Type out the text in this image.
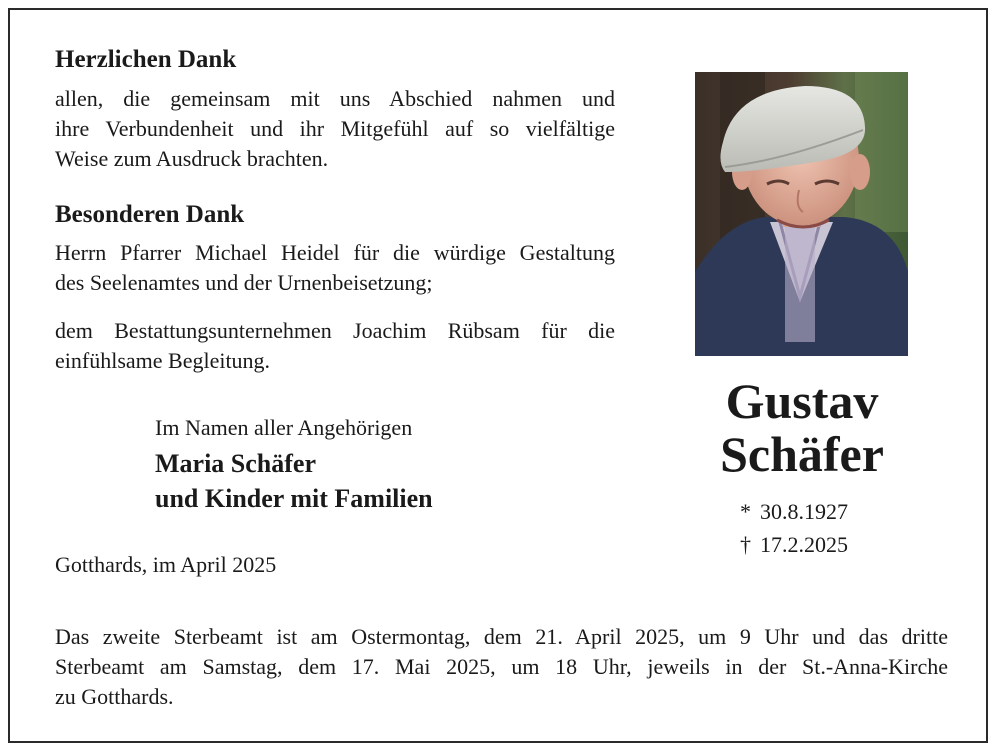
Herzlichen Dank
allen, die gemeinsam mit uns Abschied nahmen und
ihre Verbundenheit und ihr Mitgefühl auf so vielfältige
Weise zum Ausdruck brachten.
Besonderen Dank
Herrn Pfarrer Michael Heidel für die würdige Gestaltung
des Seelenamtes und der Urnenbeisetzung;
dem Bestattungsunternehmen Joachim Rübsam für die
einfühlsame Begleitung.
Im Namen aller Angehörigen
Maria Schäfer
und Kinder mit Familien
Gotthards, im April 2025
Das zweite Sterbeamt ist am Ostermontag, dem 21. April 2025, um 9 Uhr und das dritte
Sterbeamt am Samstag, dem 17. Mai 2025, um 18 Uhr, jeweils in der St.-Anna-Kirche
zu Gotthards.
Gustav
Schäfer
* 30.8.1927
† 17.2.2025
